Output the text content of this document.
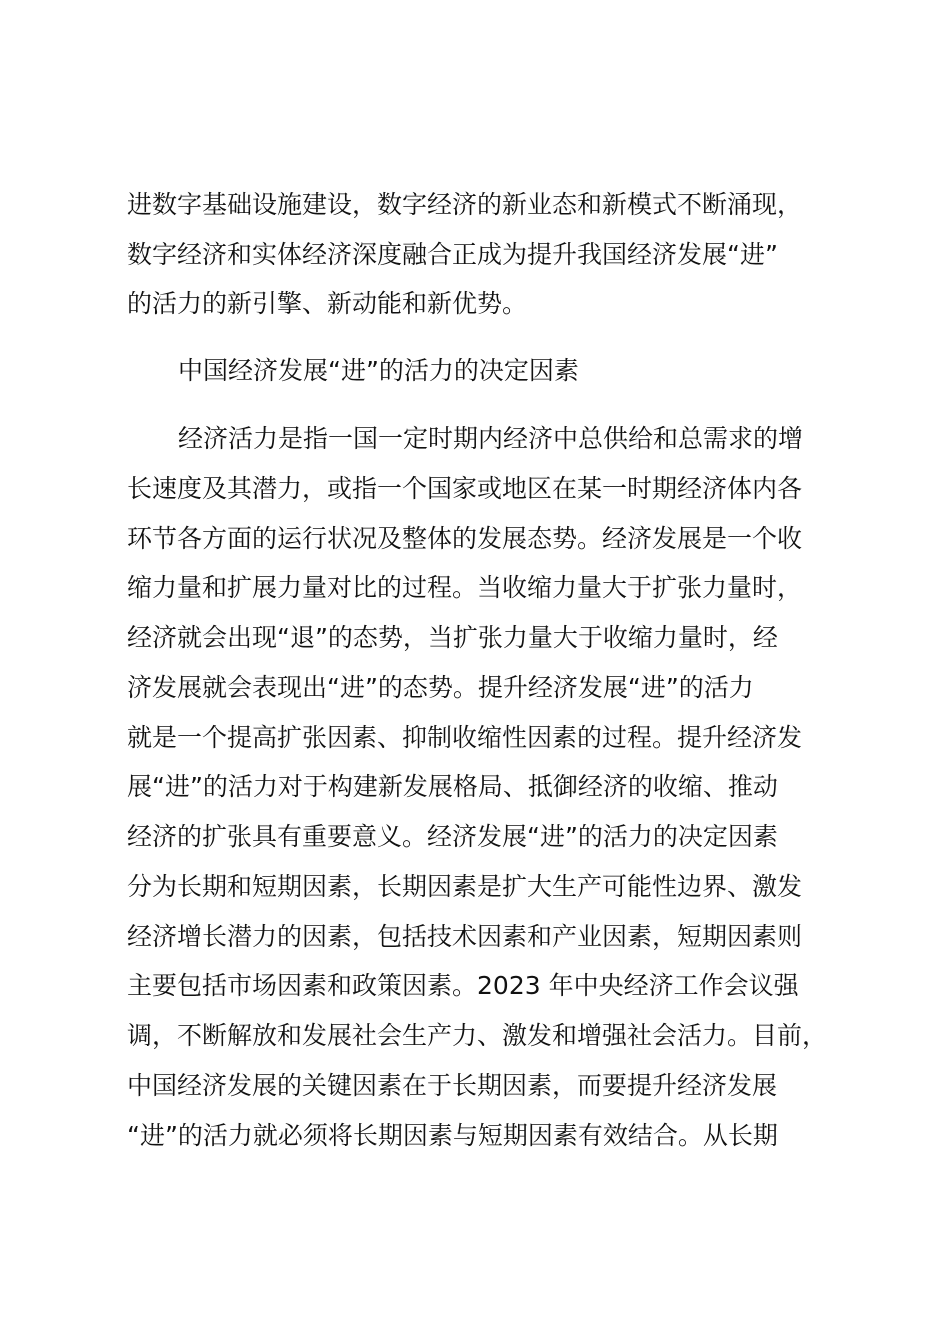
进数字基础设施建设，数字经济的新业态和新模式不断涌现，
数字经济和实体经济深度融合正成为提升我国经济发展“进”
的活力的新引擎、新动能和新优势。
中国经济发展“进”的活力的决定因素
经济活力是指一国一定时期内经济中总供给和总需求的增
长速度及其潜力，或指一个国家或地区在某一时期经济体内各
环节各方面的运行状况及整体的发展态势。经济发展是一个收
缩力量和扩展力量对比的过程。当收缩力量大于扩张力量时，
经济就会出现“退”的态势，当扩张力量大于收缩力量时，经
济发展就会表现出“进”的态势。提升经济发展“进”的活力
就是一个提高扩张因素、抑制收缩性因素的过程。提升经济发
展“进”的活力对于构建新发展格局、抵御经济的收缩、推动
经济的扩张具有重要意义。经济发展“进”的活力的决定因素
分为长期和短期因素，长期因素是扩大生产可能性边界、激发
经济增长潜力的因素，包括技术因素和产业因素，短期因素则
主要包括市场因素和政策因素。2023 年中央经济工作会议强
调，不断解放和发展社会生产力、激发和增强社会活力。目前，
中国经济发展的关键因素在于长期因素，而要提升经济发展
“进”的活力就必须将长期因素与短期因素有效结合。从长期
